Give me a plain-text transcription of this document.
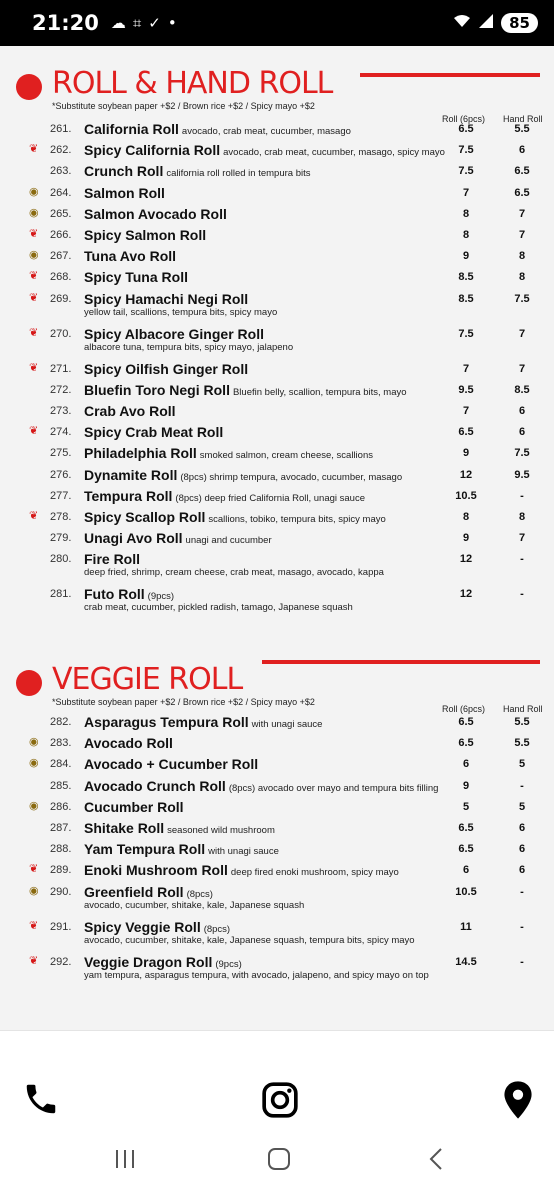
21:20 ☁⌗✓•	85
ROLL & HAND ROLL
*Substitute soybean paper +$2 / Brown rice +$2 / Spicy mayo +$2
Roll (6pcs) Hand Roll
261. California Roll avocado, crab meat, cucumber, masago	6.5	5.5
❦ 262. Spicy California Roll avocado, crab meat, cucumber, masago, spicy mayo	7.5	6
263. Crunch Roll california roll rolled in tempura bits	7.5	6.5
◉ 264. Salmon Roll	7	6.5
◉ 265. Salmon Avocado Roll	8	7
❦ 266. Spicy Salmon Roll	8	7
◉ 267. Tuna Avo Roll	9	8
❦ 268. Spicy Tuna Roll	8.5	8
❦ 269. Spicy Hamachi Negi Roll	8.5	7.5
yellow tail, scallions, tempura bits, spicy mayo
❦ 270. Spicy Albacore Ginger Roll	7.5	7
albacore tuna, tempura bits, spicy mayo, jalapeno
❦ 271. Spicy Oilfish Ginger Roll	7	7
272. Bluefin Toro Negi Roll Bluefin belly, scallion, tempura bits, mayo	9.5	8.5
273. Crab Avo Roll	7	6
❦ 274. Spicy Crab Meat Roll	6.5	6
275. Philadelphia Roll smoked salmon, cream cheese, scallions	9	7.5
276. Dynamite Roll (8pcs) shrimp tempura, avocado, cucumber, masago	12	9.5
277. Tempura Roll (8pcs) deep fried California Roll, unagi sauce	10.5	-
❦ 278. Spicy Scallop Roll scallions, tobiko, tempura bits, spicy mayo	8	8
279. Unagi Avo Roll unagi and cucumber	9	7
280. Fire Roll	12	-
deep fried, shrimp, cream cheese, crab meat, masago, avocado, kappa
281. Futo Roll (9pcs)	12	-
crab meat, cucumber, pickled radish, tamago, Japanese squash
VEGGIE ROLL
*Substitute soybean paper +$2 / Brown rice +$2 / Spicy mayo +$2
Roll (6pcs) Hand Roll
282. Asparagus Tempura Roll with unagi sauce	6.5	5.5
◉ 283. Avocado Roll	6.5	5.5
◉ 284. Avocado + Cucumber Roll	6	5
285. Avocado Crunch Roll (8pcs) avocado over mayo and tempura bits filling	9	-
◉ 286. Cucumber Roll	5	5
287. Shitake Roll seasoned wild mushroom	6.5	6
288. Yam Tempura Roll with unagi sauce	6.5	6
❦ 289. Enoki Mushroom Roll deep fired enoki mushroom, spicy mayo	6	6
◉ 290. Greenfield Roll (8pcs)	10.5	-
avocado, cucumber, shitake, kale, Japanese squash
❦ 291. Spicy Veggie Roll (8pcs)	11	-
avocado, cucumber, shitake, kale, Japanese squash, tempura bits, spicy mayo
❦ 292. Veggie Dragon Roll (9pcs)	14.5	-
yam tempura, asparagus tempura, with avocado, jalapeno, and spicy mayo on top
